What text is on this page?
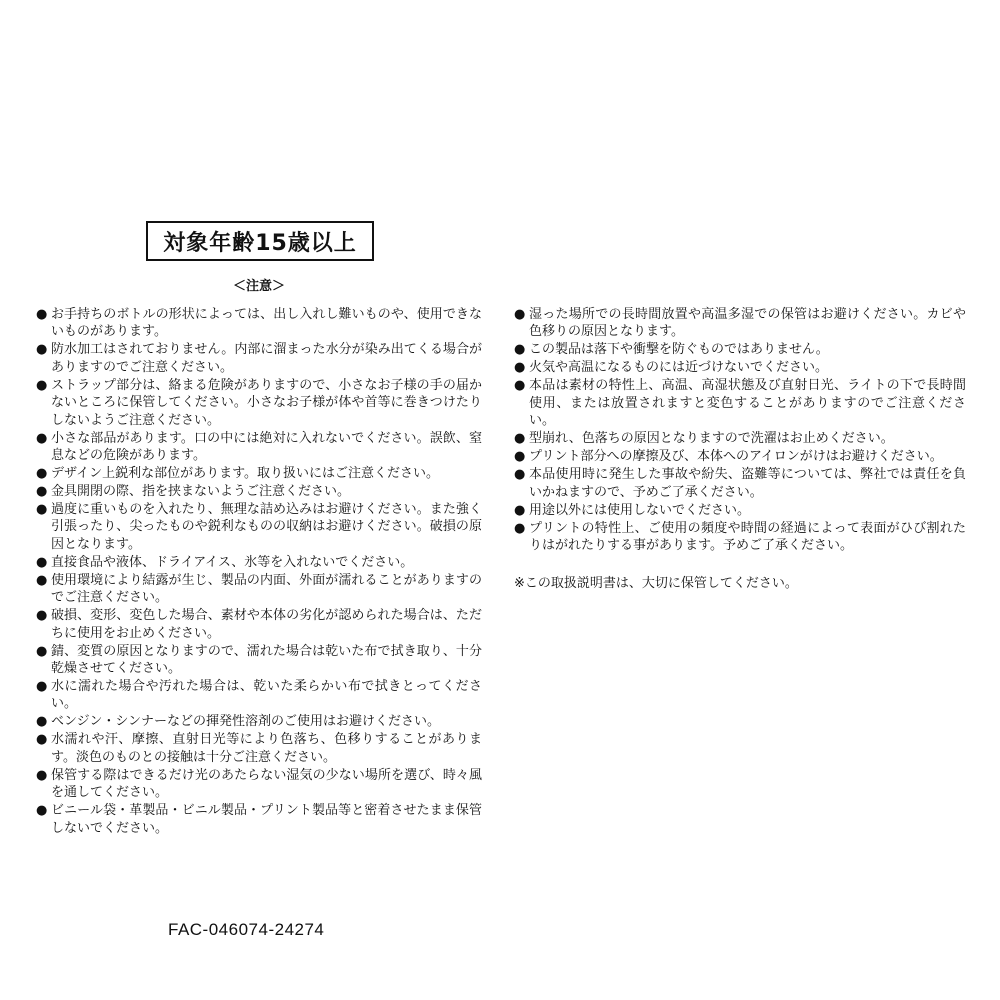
対象年齢15歳以上
＜注意＞
● お手持ちのボトルの形状によっては、出し入れし難いものや、使用できないものがあります。
● 防水加工はされておりません。内部に溜まった水分が染み出てくる場合がありますのでご注意ください。
● ストラップ部分は、絡まる危険がありますので、小さなお子様の手の届かないところに保管してください。小さなお子様が体や首等に巻きつけたりしないようご注意ください。
● 小さな部品があります。口の中には絶対に入れないでください。誤飲、窒息などの危険があります。
● デザイン上鋭利な部位があります。取り扱いにはご注意ください。
● 金具開閉の際、指を挟まないようご注意ください。
● 過度に重いものを入れたり、無理な詰め込みはお避けください。また強く引張ったり、尖ったものや鋭利なものの収納はお避けください。破損の原因となります。
● 直接食品や液体、ドライアイス、氷等を入れないでください。
● 使用環境により結露が生じ、製品の内面、外面が濡れることがありますのでご注意ください。
● 破損、変形、変色した場合、素材や本体の劣化が認められた場合は、ただちに使用をお止めください。
● 錆、変質の原因となりますので、濡れた場合は乾いた布で拭き取り、十分乾燥させてください。
● 水に濡れた場合や汚れた場合は、乾いた柔らかい布で拭きとってください。
● ベンジン・シンナーなどの揮発性溶剤のご使用はお避けください。
● 水濡れや汗、摩擦、直射日光等により色落ち、色移りすることがあります。淡色のものとの接触は十分ご注意ください。
● 保管する際はできるだけ光のあたらない湿気の少ない場所を選び、時々風を通してください。
● ビニール袋・革製品・ビニル製品・プリント製品等と密着させたまま保管しないでください。
● 湿った場所での長時間放置や高温多湿での保管はお避けください。カビや色移りの原因となります。
● この製品は落下や衝撃を防ぐものではありません。
● 火気や高温になるものには近づけないでください。
● 本品は素材の特性上、高温、高湿状態及び直射日光、ライトの下で長時間使用、または放置されますと変色することがありますのでご注意ください。
● 型崩れ、色落ちの原因となりますので洗濯はお止めください。
● プリント部分への摩擦及び、本体へのアイロンがけはお避けください。
● 本品使用時に発生した事故や紛失、盗難等については、弊社では責任を負いかねますので、予めご了承ください。
● 用途以外には使用しないでください。
● プリントの特性上、ご使用の頻度や時間の経過によって表面がひび割れたりはがれたりする事があります。予めご了承ください。
※この取扱説明書は、大切に保管してください。
FAC-046074-24274
